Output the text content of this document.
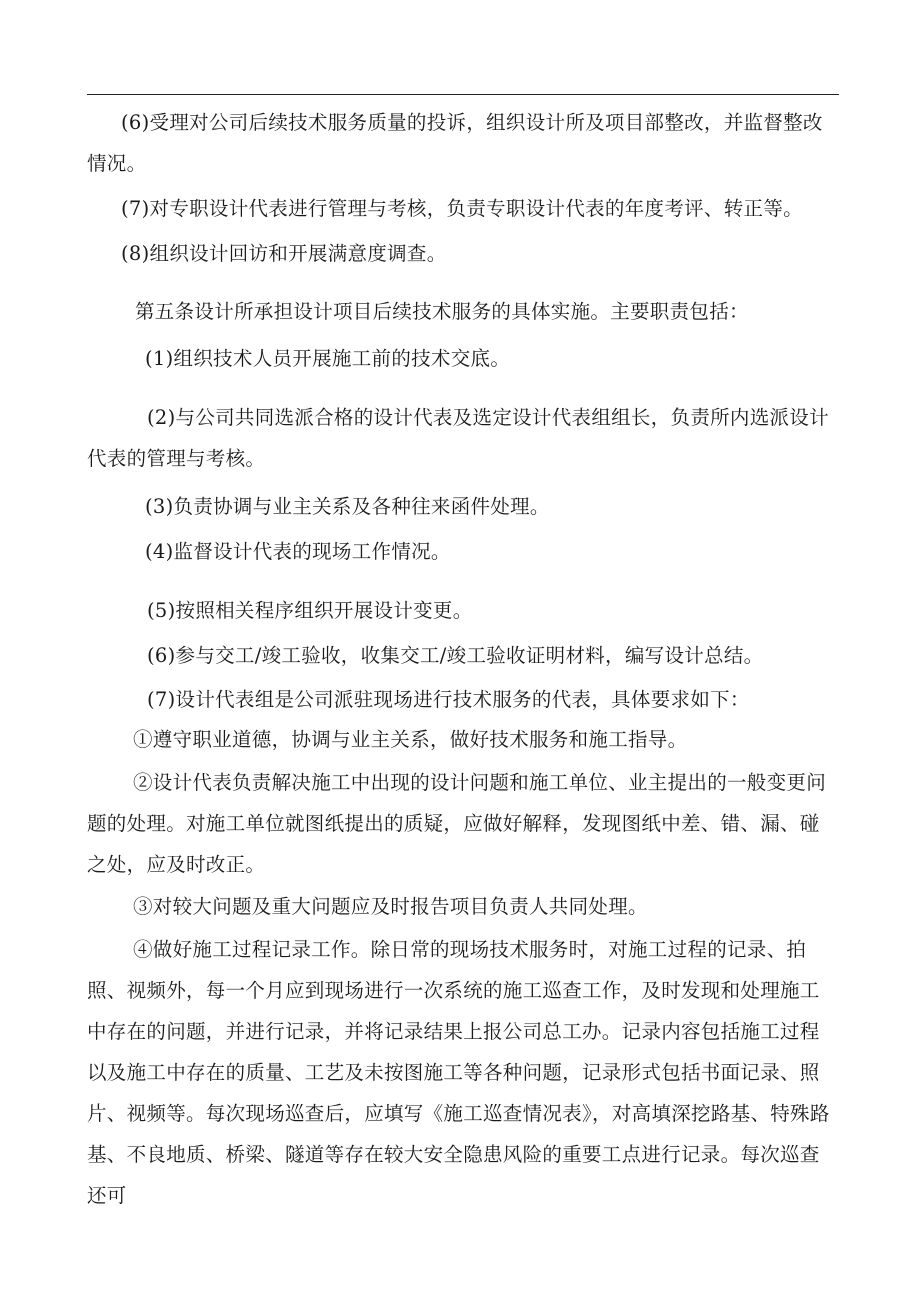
(6)受理对公司后续技术服务质量的投诉，组织设计所及项目部整改，并监督整改情况。
(7)对专职设计代表进行管理与考核，负责专职设计代表的年度考评、转正等。
(8)组织设计回访和开展满意度调查。
第五条设计所承担设计项目后续技术服务的具体实施。主要职责包括：
(1)组织技术人员开展施工前的技术交底。
(2)与公司共同选派合格的设计代表及选定设计代表组组长，负责所内选派设计代表的管理与考核。
(3)负责协调与业主关系及各种往来函件处理。
(4)监督设计代表的现场工作情况。
(5)按照相关程序组织开展设计变更。
(6)参与交工/竣工验收，收集交工/竣工验收证明材料，编写设计总结。
(7)设计代表组是公司派驻现场进行技术服务的代表，具体要求如下：
①遵守职业道德，协调与业主关系，做好技术服务和施工指导。
②设计代表负责解决施工中出现的设计问题和施工单位、业主提出的一般变更问题的处理。对施工单位就图纸提出的质疑，应做好解释，发现图纸中差、错、漏、碰之处，应及时改正。
③对较大问题及重大问题应及时报告项目负责人共同处理。
④做好施工过程记录工作。除日常的现场技术服务时，对施工过程的记录、拍照、视频外，每一个月应到现场进行一次系统的施工巡查工作，及时发现和处理施工中存在的问题，并进行记录，并将记录结果上报公司总工办。记录内容包括施工过程以及施工中存在的质量、工艺及未按图施工等各种问题，记录形式包括书面记录、照片、视频等。每次现场巡查后，应填写《施工巡查情况表》，对高填深挖路基、特殊路基、不良地质、桥梁、隧道等存在较大安全隐患风险的重要工点进行记录。每次巡查还可
